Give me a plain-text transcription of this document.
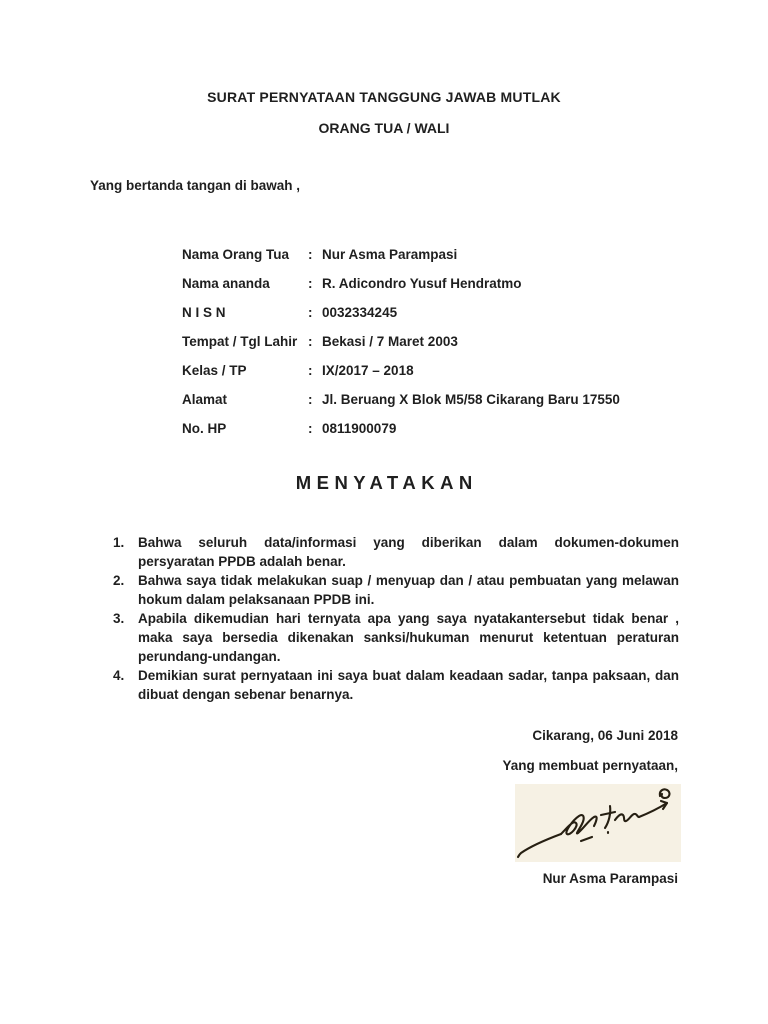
SURAT PERNYATAAN TANGGUNG JAWAB MUTLAK
ORANG TUA / WALI
Yang bertanda tangan di bawah ,
Nama Orang Tua	: Nur Asma Parampasi
Nama ananda	: R. Adicondro Yusuf Hendratmo
N I S N	: 0032334245
Tempat / Tgl Lahir : Bekasi / 7 Maret 2003
Kelas / TP	: IX/2017 – 2018
Alamat	: Jl. Beruang X Blok M5/58 Cikarang Baru 17550
No. HP	: 0811900079
MENYATAKAN
1.	Bahwa seluruh data/informasi yang diberikan dalam dokumen-dokumen persyaratan PPDB adalah benar.
2.	Bahwa saya tidak melakukan suap / menyuap dan / atau pembuatan yang melawan hokum dalam pelaksanaan PPDB ini.
3.	Apabila dikemudian hari ternyata apa yang saya nyatakantersebut tidak benar , maka saya bersedia dikenakan sanksi/hukuman menurut ketentuan peraturan perundang-undangan.
4.	Demikian surat pernyataan ini saya buat dalam keadaan sadar, tanpa paksaan, dan dibuat dengan sebenar benarnya.
Cikarang, 06 Juni 2018
Yang membuat pernyataan,
Nur Asma Parampasi
